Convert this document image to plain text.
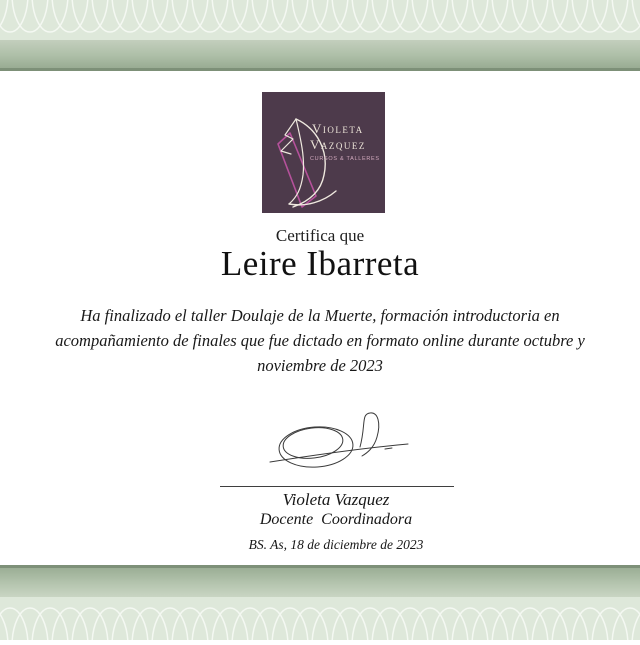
Violeta
Vazquez
CURSOS & TALLERES
Certifica que
Leire Ibarreta
Ha finalizado el taller Doulaje de la Muerte, formación introductoria en acompañamiento de finales que fue dictado en formato online durante octubre y noviembre de 2023
Violeta Vazquez
Docente  Coordinadora
BS. As, 18 de diciembre de 2023
